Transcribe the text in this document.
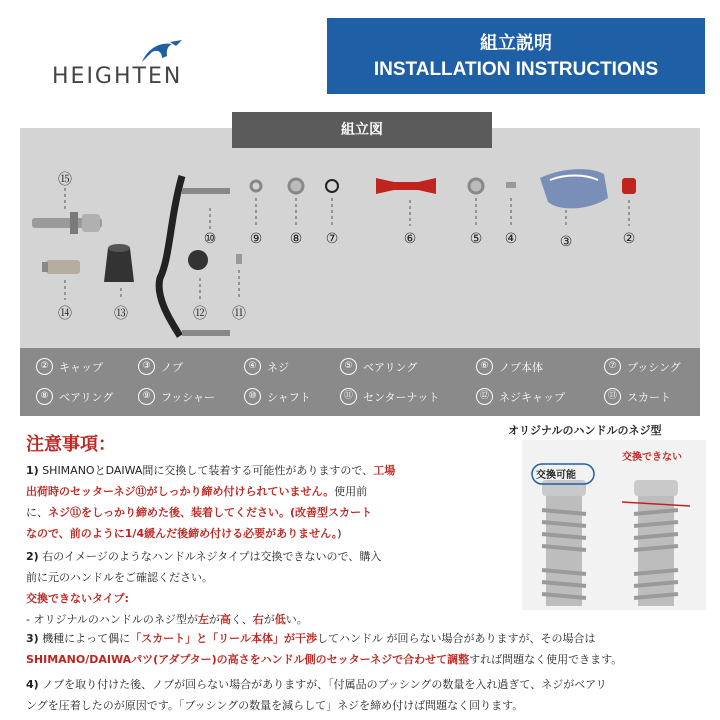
HEIGHTEN
組立説明
INSTALLATION INSTRUCTIONS
組立図
⑮
⑭	⑬	⑫ ⑪
⑩ ⑨ ⑧ ⑦	⑥	⑤ ④	③	②
② キャップ	③ ノブ	④ ネジ	⑤ ベアリング	⑥ ノブ本体	⑦ ブッシング
⑧ ベアリング	⑨ フッシャー	⑩ シャフト	⑪ センターナット	⑫ ネジキャップ	⑬ スカート
注意事項：
オリジナルのハンドルのネジ型
交換可能
交換できない
1) SHIMANOとDAIWA間に交換して装着する可能性がありますので、工場
出荷時のセッターネジ⑪がしっかり締め付けられていません。使用前
に、ネジ⑪をしっかり締めた後、装着してください。(改善型スカート
なので、前のように1/4緩んだ後締め付ける必要がありません。)
2) 右のイメージのようなハンドルネジタイプは交換できないので、購入
前に元のハンドルをご確認ください。
交換できないタイプ:
- オリジナルのハンドルのネジ型が左が高く、右が低い。
3) 機種によって偶に「スカート」と「リール本体」が干渉してハンドル が回らない場合がありますが、その場合は
SHIMANO/DAIWAパツ(アダプター)の高さをハンドル側のセッターネジで合わせて調整すれば問題なく使用できます。
4) ノブを取り付けた後、ノブが回らない場合がありますが、「付属品のブッシングの数量を入れ過ぎて、ネジがベアリ
ングを圧着したのが原因です。「ブッシングの数量を減らして」ネジを締め付けば問題なく回ります。
